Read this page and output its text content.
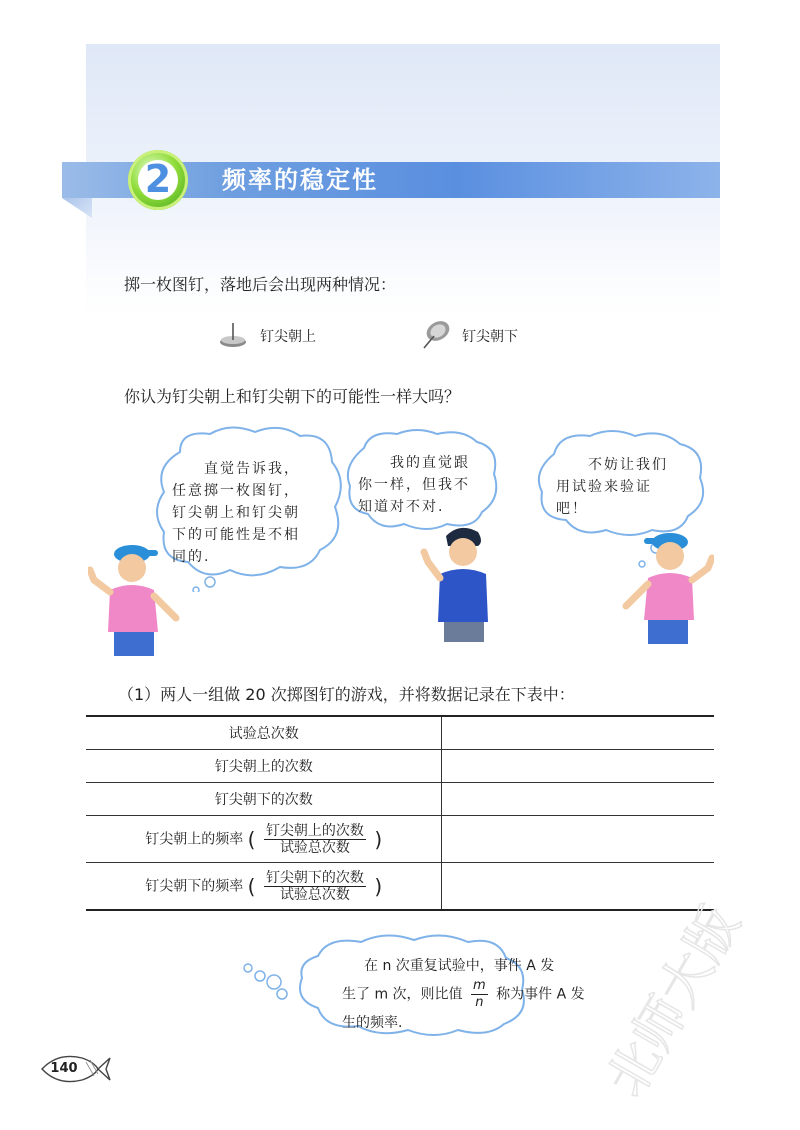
2 频率的稳定性
掷一枚图钉，落地后会出现两种情况：
钉尖朝上	钉尖朝下
你认为钉尖朝上和钉尖朝下的可能性一样大吗？
　　直觉告诉我，
任意掷一枚图钉，
钉尖朝上和钉尖朝
下的可能性是不相
同的.
　　我的直觉跟
你一样，但我不
知道对不对.
　　不妨让我们
用试验来验证
吧！
（1）两人一组做 20 次掷图钉的游戏，并将数据记录在下表中：
试验总次数	
钉尖朝上的次数	
钉尖朝下的次数	
钉尖朝上的频率 ( $\frac{\text{钉尖朝上的次数}}{\text{试验总次数}}$ )	
钉尖朝下的频率 ( $\frac{\text{钉尖朝下的次数}}{\text{试验总次数}}$ )	
北师大版
在 n 次重复试验中，事件 A 发
生了 m 次，则比值 $\frac{m}{n}$ 称为事件 A 发
生的频率.
140
